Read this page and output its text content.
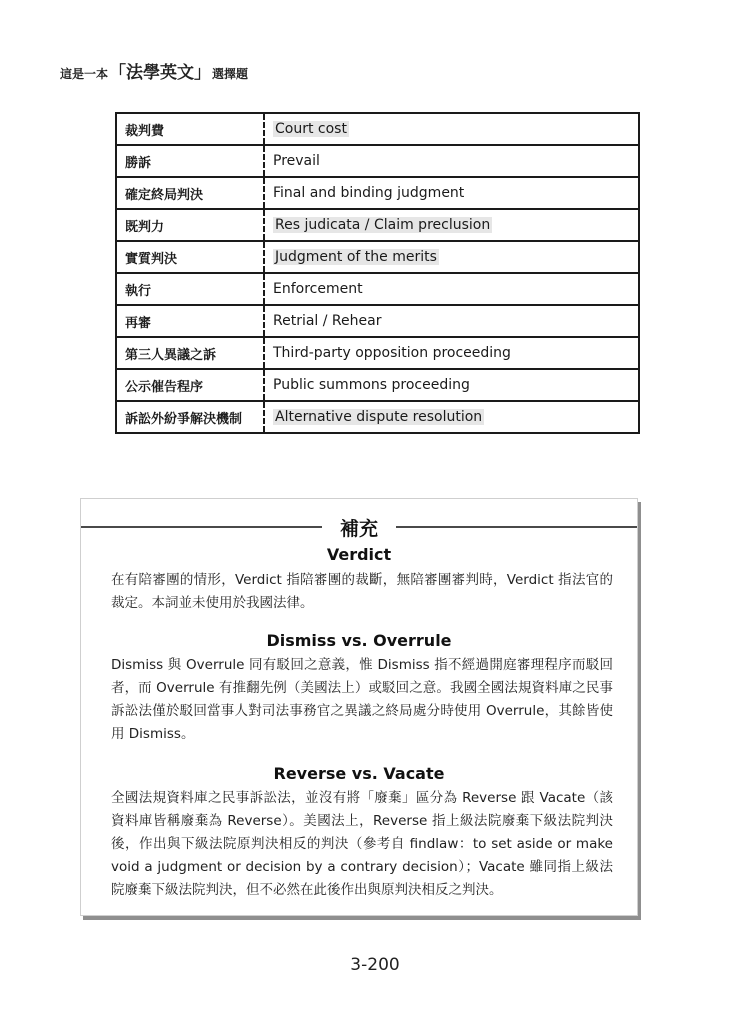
這是一本 「法學英文」 選擇題
裁判費	Court cost
勝訴	Prevail
確定終局判決	Final and binding judgment
既判力	Res judicata / Claim preclusion
實質判決	Judgment of the merits
執行	Enforcement
再審	Retrial / Rehear
第三人異議之訴	Third-party opposition proceeding
公示催告程序	Public summons proceeding
訴訟外紛爭解決機制	Alternative dispute resolution
補充
Verdict
在有陪審團的情形，Verdict 指陪審團的裁斷，無陪審團審判時，Verdict 指法官的裁定。本詞並未使用於我國法律。
Dismiss vs. Overrule
Dismiss 與 Overrule 同有駁回之意義，惟 Dismiss 指不經過開庭審理程序而駁回者，而 Overrule 有推翻先例（美國法上）或駁回之意。我國全國法規資料庫之民事訴訟法僅於駁回當事人對司法事務官之異議之終局處分時使用 Overrule，其餘皆使用 Dismiss。
Reverse vs. Vacate
全國法規資料庫之民事訴訟法，並沒有將「廢棄」區分為 Reverse 跟 Vacate（該資料庫皆稱廢棄為 Reverse）。美國法上，Reverse 指上級法院廢棄下級法院判決後，作出與下級法院原判決相反的判決（參考自 findlaw：to set aside or make void a judgment or decision by a contrary decision）；Vacate 雖同指上級法院廢棄下級法院判決，但不必然在此後作出與原判決相反之判決。
3-200
